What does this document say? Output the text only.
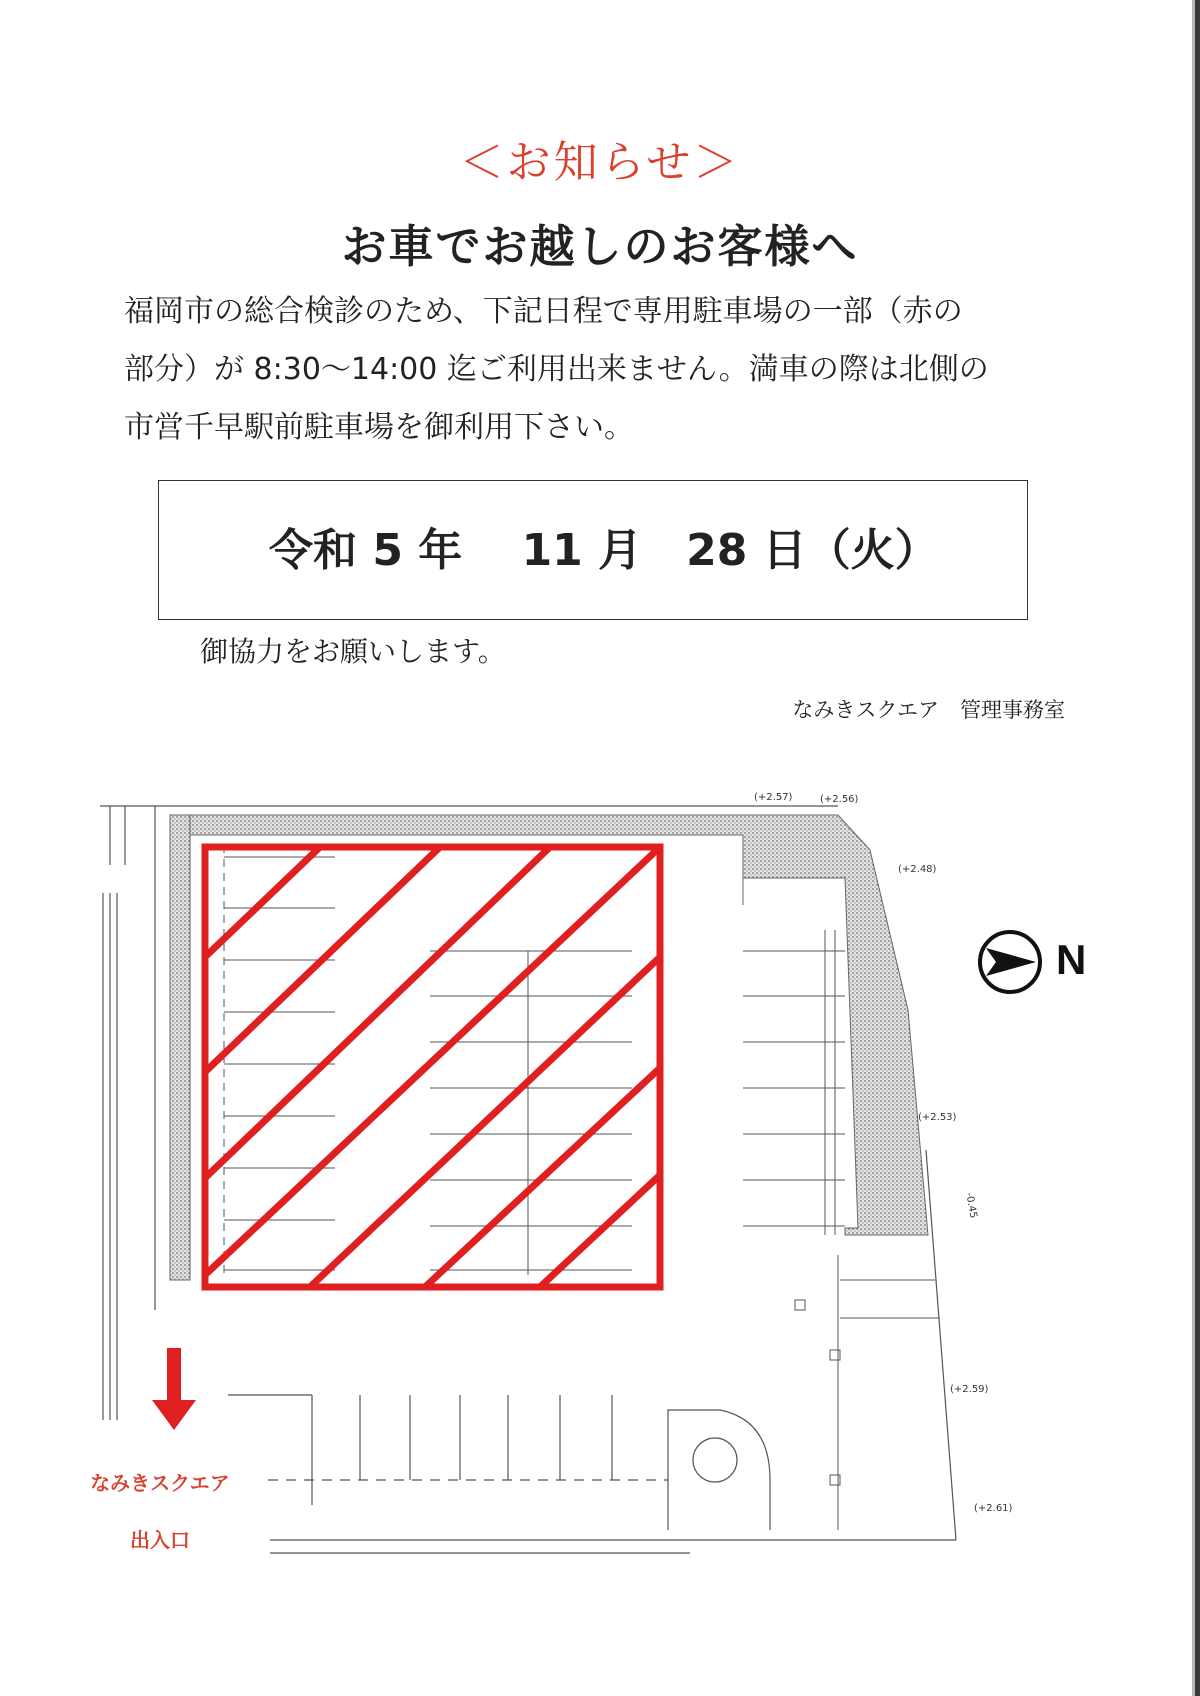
＜お知らせ＞
お車でお越しのお客様へ
福岡市の総合検診のため、下記日程で専用駐車場の一部（赤の
部分）が 8:30～14:00 迄ご利用出来ません。満車の際は北側の
市営千早駅前駐車場を御利用下さい。
令和 5 年　 11 月　28 日（火）
御協力をお願いします。
なみきスクエア　管理事務室
N
(+2.57)	(+2.56)
(+2.48)
(+2.53)
(+2.59)
(+2.61)
-0.45
なみきスクエア
出入口
